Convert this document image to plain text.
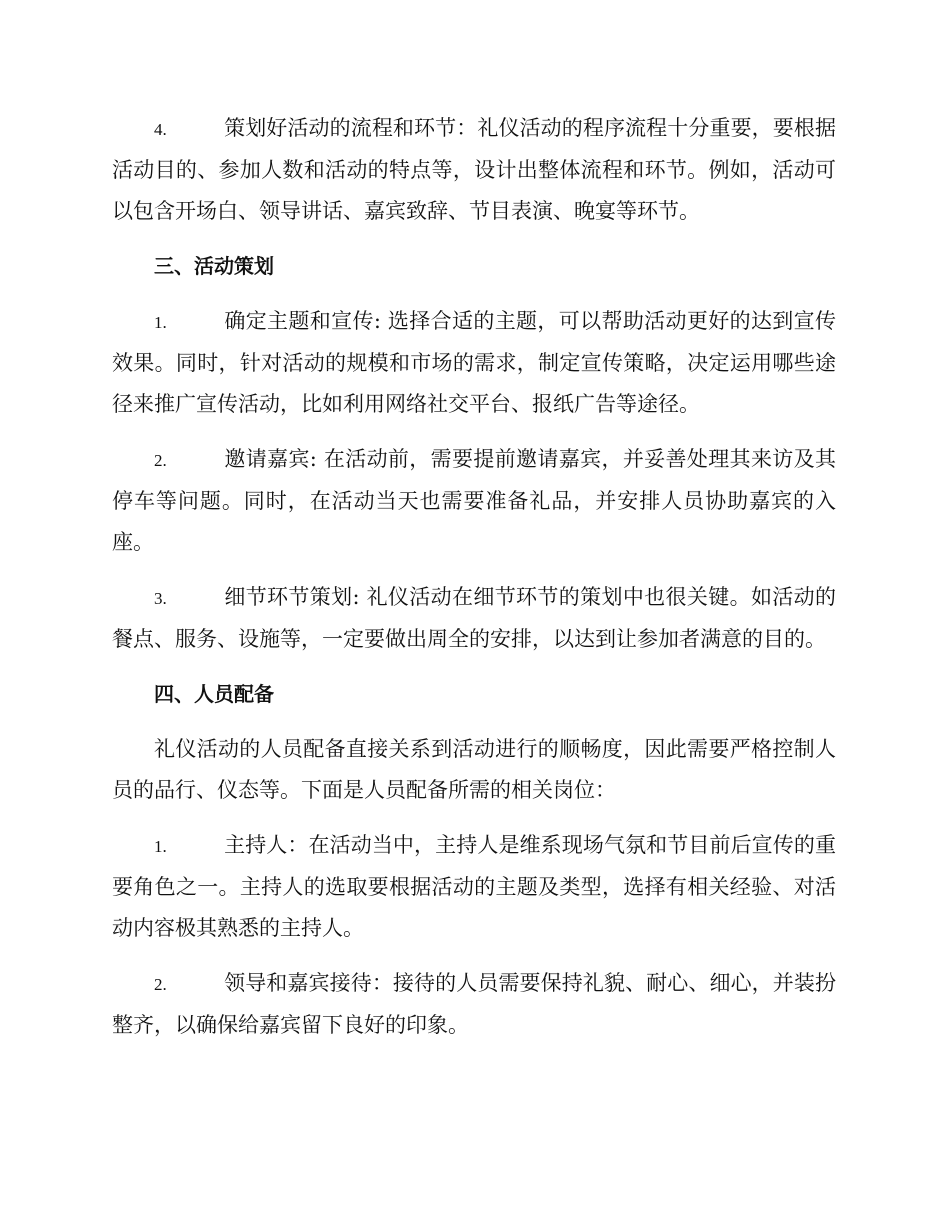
4.	策划好活动的流程和环节：礼仪活动的程序流程十分重要，要根据活动目的、参加人数和活动的特点等，设计出整体流程和环节。例如，活动可以包含开场白、领导讲话、嘉宾致辞、节目表演、晚宴等环节。

三、活动策划

1.	确定主题和宣传: 选择合适的主题，可以帮助活动更好的达到宣传效果。同时，针对活动的规模和市场的需求，制定宣传策略，决定运用哪些途径来推广宣传活动，比如利用网络社交平台、报纸广告等途径。

2.	邀请嘉宾: 在活动前，需要提前邀请嘉宾，并妥善处理其来访及其停车等问题。同时，在活动当天也需要准备礼品，并安排人员协助嘉宾的入座。

3.	细节环节策划: 礼仪活动在细节环节的策划中也很关键。如活动的餐点、服务、设施等，一定要做出周全的安排，以达到让参加者满意的目的。

四、人员配备

礼仪活动的人员配备直接关系到活动进行的顺畅度，因此需要严格控制人员的品行、仪态等。下面是人员配备所需的相关岗位：

1.	主持人：在活动当中，主持人是维系现场气氛和节目前后宣传的重要角色之一。主持人的选取要根据活动的主题及类型，选择有相关经验、对活动内容极其熟悉的主持人。

2.	领导和嘉宾接待：接待的人员需要保持礼貌、耐心、细心，并装扮整齐，以确保给嘉宾留下良好的印象。
